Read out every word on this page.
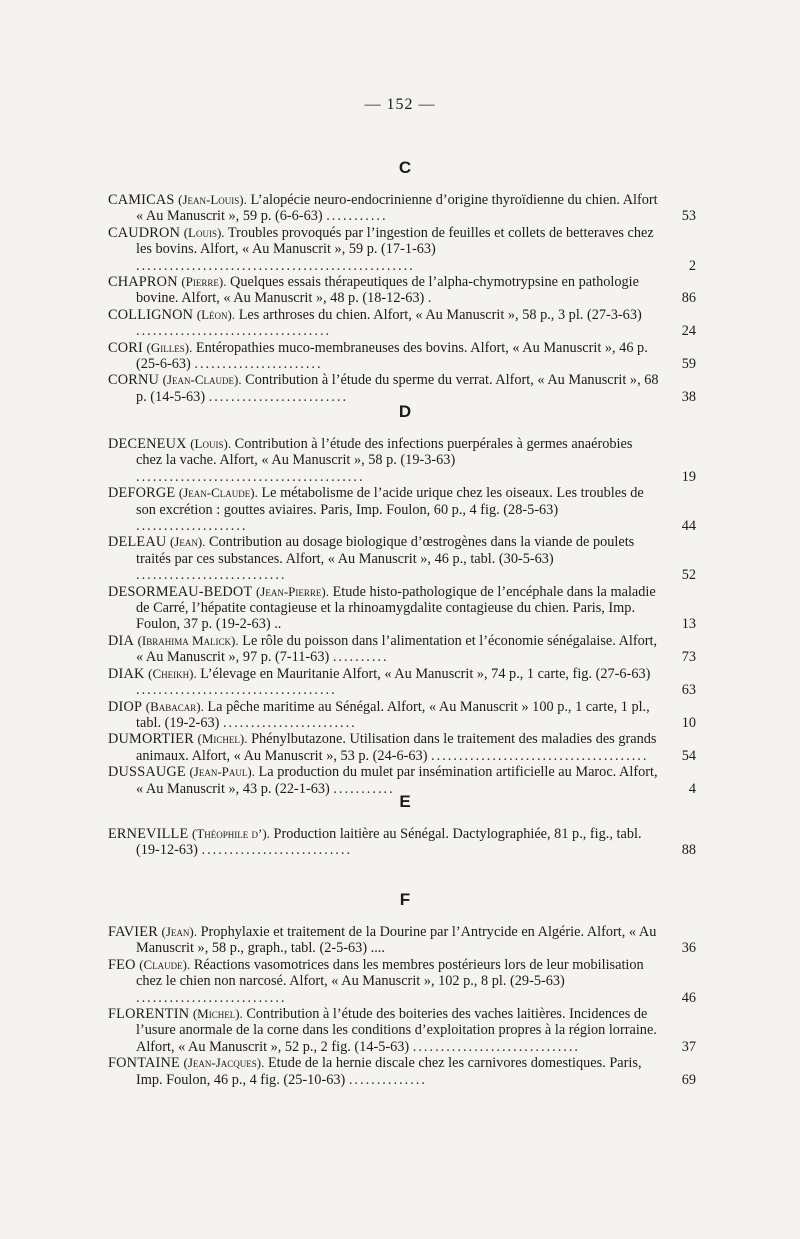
— 152 —
C
CAMICAS (Jean-Louis). L’alopécie neuro-endocrinienne d’origine thyroïdienne du chien. Alfort « Au Manuscrit », 59 p. (6-6-63) ...........	53
CAUDRON (Louis). Troubles provoqués par l’ingestion de feuilles et collets de betteraves chez les bovins. Alfort, « Au Manuscrit », 59 p. (17-1-63) ..................................................	2
CHAPRON (Pierre). Quelques essais thérapeutiques de l’alpha-chymotrypsine en pathologie bovine. Alfort, « Au Manuscrit », 48 p. (18-12-63) .	86
COLLIGNON (Léon). Les arthroses du chien. Alfort, « Au Manuscrit », 58 p., 3 pl. (27-3-63) ...................................	24
CORI (Gilles). Entéropathies muco-membraneuses des bovins. Alfort, « Au Manuscrit », 46 p. (25-6-63) .......................	59
CORNU (Jean-Claude). Contribution à l’étude du sperme du verrat. Alfort, « Au Manuscrit », 68 p. (14-5-63) .........................	38
D
DECENEUX (Louis). Contribution à l’étude des infections puerpérales à germes anaérobies chez la vache. Alfort, « Au Manuscrit », 58 p. (19-3-63) .........................................	19
DEFORGE (Jean-Claude). Le métabolisme de l’acide urique chez les oiseaux. Les troubles de son excrétion : gouttes aviaires. Paris, Imp. Foulon, 60 p., 4 fig. (28-5-63) ....................	44
DELEAU (Jean). Contribution au dosage biologique d’œstrogènes dans la viande de poulets traités par ces substances. Alfort, « Au Manuscrit », 46 p., tabl. (30-5-63) ...........................	52
DESORMEAU-BEDOT (Jean-Pierre). Etude histo-pathologique de l’encéphale dans la maladie de Carré, l’hépatite contagieuse et la rhinoamygdalite contagieuse du chien. Paris, Imp. Foulon, 37 p. (19-2-63) ..	13
DIA (Ibrahima Malick). Le rôle du poisson dans l’alimentation et l’économie sénégalaise. Alfort, « Au Manuscrit », 97 p. (7-11-63) ..........	73
DIAK (Cheikh). L’élevage en Mauritanie Alfort, « Au Manuscrit », 74 p., 1 carte, fig. (27-6-63) ....................................	63
DIOP (Babacar). La pêche maritime au Sénégal. Alfort, « Au Manuscrit » 100 p., 1 carte, 1 pl., tabl. (19-2-63) ........................	10
DUMORTIER (Michel). Phénylbutazone. Utilisation dans le traitement des maladies des grands animaux. Alfort, « Au Manuscrit », 53 p. (24-6-63) .......................................	54
DUSSAUGE (Jean-Paul). La production du mulet par insémination artificielle au Maroc. Alfort, « Au Manuscrit », 43 p. (22-1-63) ...........	4
E
ERNEVILLE (Théophile d’). Production laitière au Sénégal. Dactylographiée, 81 p., fig., tabl. (19-12-63) ...........................	88
F
FAVIER (Jean). Prophylaxie et traitement de la Dourine par l’Antrycide en Algérie. Alfort, « Au Manuscrit », 58 p., graph., tabl. (2-5-63) ....	36
FEO (Claude). Réactions vasomotrices dans les membres postérieurs lors de leur mobilisation chez le chien non narcosé. Alfort, « Au Manuscrit », 102 p., 8 pl. (29-5-63) ...........................	46
FLORENTIN (Michel). Contribution à l’étude des boiteries des vaches laitières. Incidences de l’usure anormale de la corne dans les conditions d’exploitation propres à la région lorraine. Alfort, « Au Manuscrit », 52 p., 2 fig. (14-5-63) ..............................	37
FONTAINE (Jean-Jacques). Etude de la hernie discale chez les carnivores domestiques. Paris, Imp. Foulon, 46 p., 4 fig. (25-10-63) ..............	69
